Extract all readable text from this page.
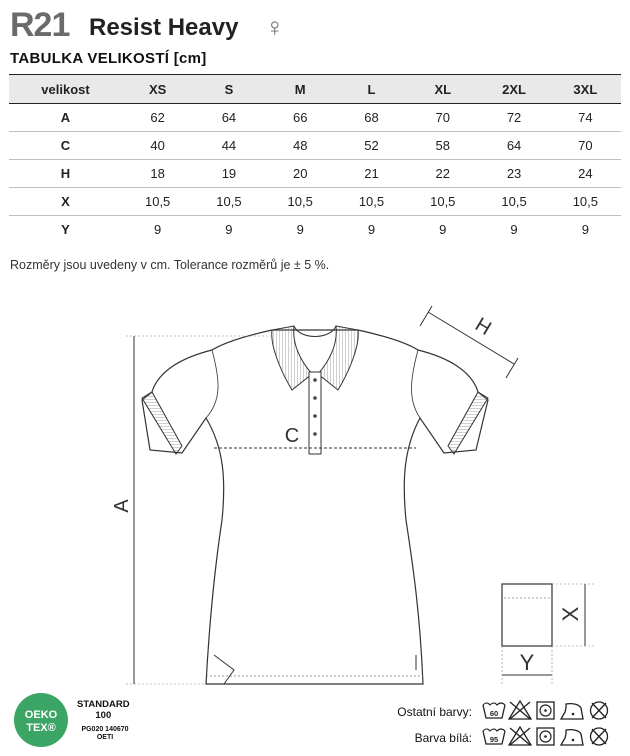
R21 Resist Heavy ♀
TABULKA VELIKOSTÍ [cm]
velikost	XS	S	M	L	XL	2XL	3XL
A	62	64	66	68	70	72	74
C	40	44	48	52	58	64	70
H	18	19	20	21	22	23	24
X	10,5	10,5	10,5	10,5	10,5	10,5	10,5
Y	9	9	9	9	9	9	9
Rozměry jsou uvedeny v cm. Tolerance rozměrů je ± 5 %.
A
C
H
X
Y
OEKO
TEX®
60
95
STANDARD
100
PG020 140670
OETI
Ostatní barvy:
Barva bílá:
